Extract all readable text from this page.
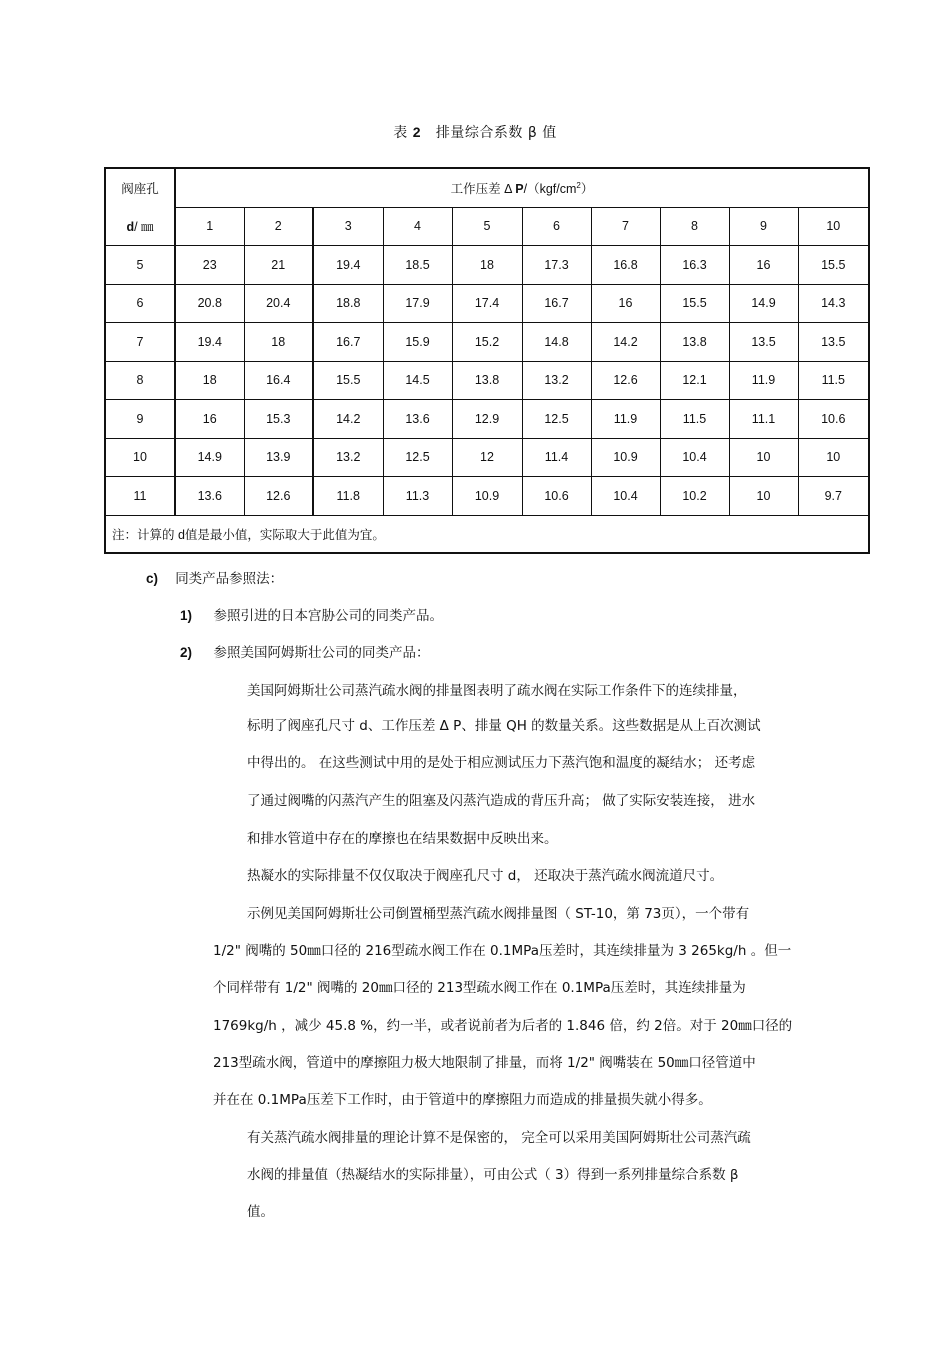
表 2 排量综合系数 β 值
阀座孔
d/ ㎜	工作压差 Δ $P/(kgf/cm^2)$									
	1	2	3	4	5	6	7	8	9	10
5	23	21	19.4	18.5	18	17.3	16.8	16.3	16	15.5
6	20.8	20.4	18.8	17.9	17.4	16.7	16	15.5	14.9	14.3
7	19.4	18	16.7	15.9	15.2	14.8	14.2	13.8	13.5	13.5
8	18	16.4	15.5	14.5	13.8	13.2	12.6	12.1	11.9	11.5
9	16	15.3	14.2	13.6	12.9	12.5	11.9	11.5	11.1	10.6
10	14.9	13.9	13.2	12.5	12	11.4	10.9	10.4	10	10
11	13.6	12.6	11.8	11.3	10.9	10.6	10.4	10.2	10	9.7
注：计算的 d值是最小值，实际取大于此值为宜。										
c) 同类产品参照法：
1) 参照引进的日本宫胁公司的同类产品。
2) 参照美国阿姆斯壮公司的同类产品：
美国阿姆斯壮公司蒸汽疏水阀的排量图表明了疏水阀在实际工作条件下的连续排量，
标明了阀座孔尺寸 d、工作压差 Δ P、排量 QH 的数量关系。这些数据是从上百次测试
中得出的。 在这些测试中用的是处于相应测试压力下蒸汽饱和温度的凝结水； 还考虑
了通过阀嘴的闪蒸汽产生的阻塞及闪蒸汽造成的背压升高； 做了实际安装连接， 进水
和排水管道中存在的摩擦也在结果数据中反映出来。
热凝水的实际排量不仅仅取决于阀座孔尺寸 d， 还取决于蒸汽疏水阀流道尺寸。
示例见美国阿姆斯壮公司倒置桶型蒸汽疏水阀排量图（ ST-10，第 73页），一个带有
1/2" 阀嘴的 50㎜口径的 216型疏水阀工作在 0.1MPa压差时，其连续排量为 3 265kg/h 。但一
个同样带有 1/2" 阀嘴的 20㎜口径的 213型疏水阀工作在 0.1MPa压差时，其连续排量为
1769kg/h ，减少 45.8 %，约一半，或者说前者为后者的 1.846 倍，约 2倍。对于 20㎜口径的
213型疏水阀，管道中的摩擦阻力极大地限制了排量，而将 1/2" 阀嘴装在 50㎜口径管道中
并在在 0.1MPa压差下工作时，由于管道中的摩擦阻力而造成的排量损失就小得多。
有关蒸汽疏水阀排量的理论计算不是保密的， 完全可以采用美国阿姆斯壮公司蒸汽疏
水阀的排量值（热凝结水的实际排量），可由公式（ 3）得到一系列排量综合系数 β
值。
